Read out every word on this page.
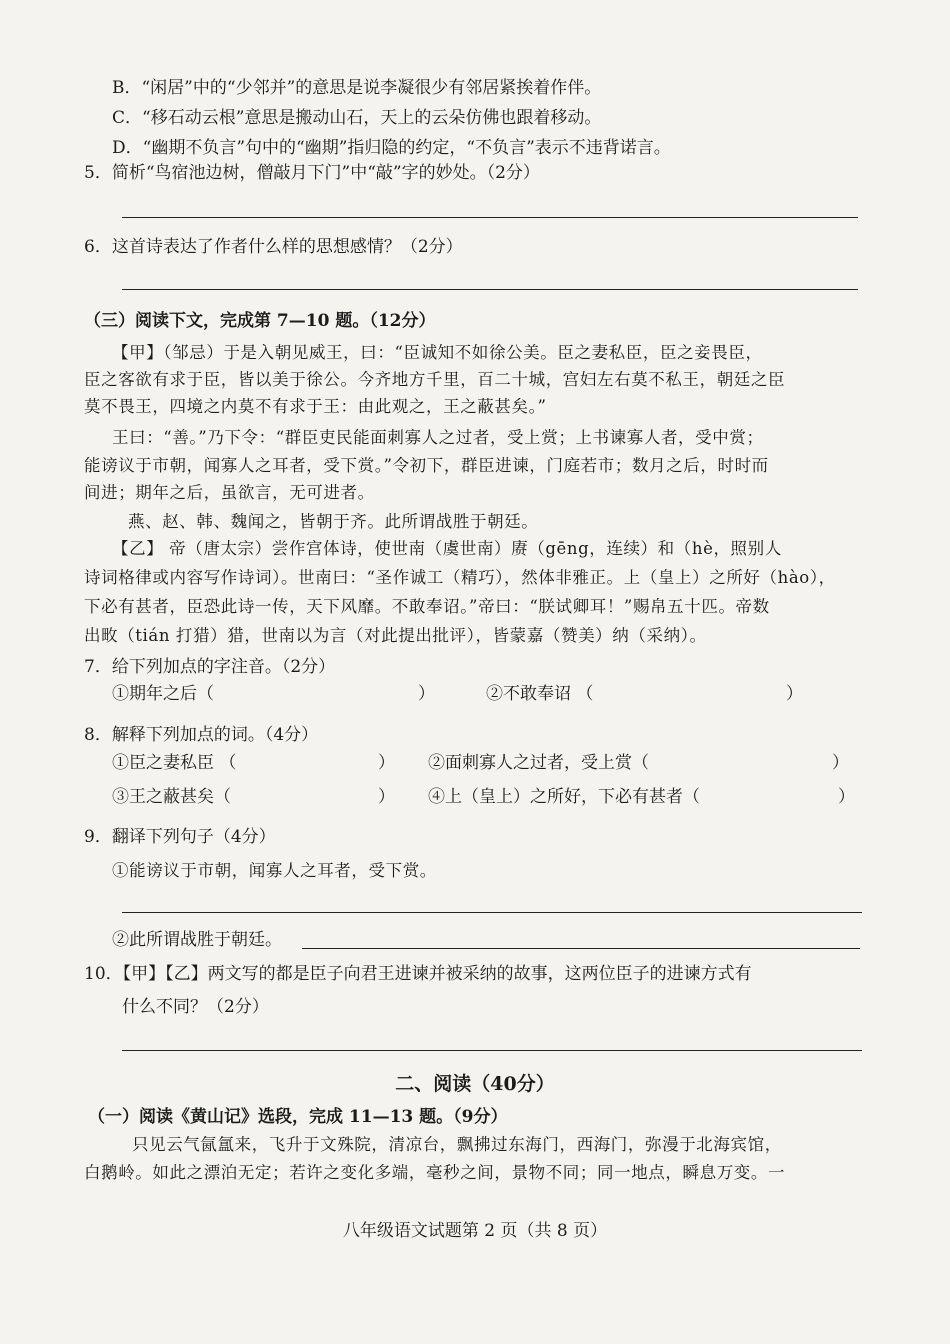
B．“闲居”中的“少邻并”的意思是说李凝很少有邻居紧挨着作伴。
C．“移石动云根”意思是搬动山石，天上的云朵仿佛也跟着移动。
D．“幽期不负言”句中的“幽期”指归隐的约定，“不负言”表示不违背诺言。
5．简析“鸟宿池边树，僧敲月下门”中“敲”字的妙处。（2分）
6．这首诗表达了作者什么样的思想感情？（2分）
（三）阅读下文，完成第 7—10 题。（12分）
【甲】（邹忌）于是入朝见威王，曰：“臣诚知不如徐公美。臣之妻私臣，臣之妾畏臣，
臣之客欲有求于臣，皆以美于徐公。今齐地方千里，百二十城，宫妇左右莫不私王，朝廷之臣
莫不畏王，四境之内莫不有求于王：由此观之，王之蔽甚矣。”
王曰：“善。”乃下令：“群臣吏民能面刺寡人之过者，受上赏；上书谏寡人者，受中赏；
能谤议于市朝，闻寡人之耳者，受下赏。”令初下，群臣进谏，门庭若市；数月之后，时时而
间进；期年之后，虽欲言，无可进者。
燕、赵、韩、魏闻之，皆朝于齐。此所谓战胜于朝廷。
【乙】 帝（唐太宗）尝作宫体诗，使世南（虞世南）赓（gēng，连续）和（hè，照别人
诗词格律或内容写作诗词）。世南曰：“圣作诚工（精巧），然体非雅正。上（皇上）之所好（hào），
下必有甚者，臣恐此诗一传，天下风靡。不敢奉诏。”帝曰：“朕试卿耳！”赐帛五十匹。帝数
出畋（tián 打猎）猎，世南以为言（对此提出批评），皆蒙嘉（赞美）纳（采纳）。
7．给下列加点的字注音。（2分）
①期年之后（	）	②不敢奉诏 （	）
8．解释下列加点的词。（4分）
①臣之妻私臣 （	） ②面刺寡人之过者，受上赏（	）
③王之蔽甚矣（	） ④上（皇上）之所好，下必有甚者（	）
9．翻译下列句子（4分）
①能谤议于市朝，闻寡人之耳者，受下赏。
②此所谓战胜于朝廷。
10．【甲】【乙】两文写的都是臣子向君王进谏并被采纳的故事，这两位臣子的进谏方式有
什么不同？（2分）
二、阅读（40分）
（一）阅读《黄山记》选段，完成 11—13 题。（9分）
只见云气氤氲来，飞升于文殊院，清凉台，飘拂过东海门，西海门，弥漫于北海宾馆，
白鹅岭。如此之漂泊无定；若许之变化多端，毫秒之间，景物不同；同一地点，瞬息万变。一
八年级语文试题第 2 页（共 8 页）
